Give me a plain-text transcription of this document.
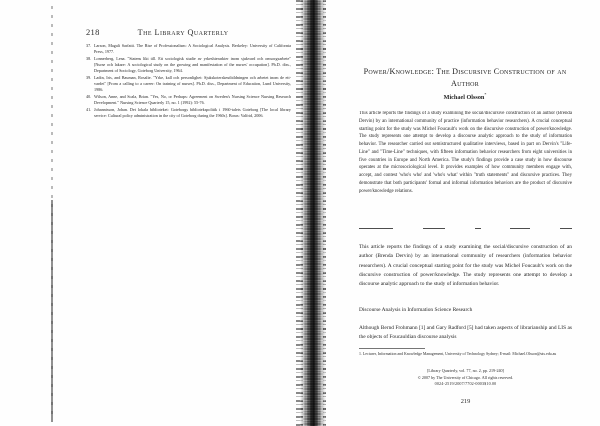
218	The Library Quarterly
37. Larson, Magali Sarfatti. The Rise of Professionalism: A Sociological Analysis. Berkeley: University of California Press, 1977.
38. Lonnerberg, Lena. "Statens likt till. Ett sociologisk studie av yrkeshierarkier inom sjukvard och omsorgsarbete" [Nurse och lakare: A sociological study on the growing and manifestation of the nurses' occupation]. Ph.D. diss., Department of Sociology, Goteborg University, 1964.
39. Ladin, Iris, and Bauman, Rosalie. "Yrke, kall och personlighet: Sjukskoterskeutbildningen och arbetet inom de ett-vardet" [From a calling to a career: On training of nurses]. Ph.D. diss., Department of Education, Lund University, 1986.
40. Wilson, Anne, and Scala, Brian. "Yes, No, or Perhaps: Agreement on Sweden's Nursing Science Nursing Research Development." Nursing Science Quarterly 15, no. 1 (1992): 55-76.
41. Johannisson, Johan. Det lokala biblioteket: Goteborgs bibliotekspolitik i 1960-talets Goteborg [The local library service: Cultural policy administration in the city of Goteborg during the 1960s]. Boras: Valfrid, 2006.
Power/Knowledge: The Discursive Construction of an Author
Michael Olsson*
This article reports the findings of a study examining the social/discursive construction of an author (Brenda Dervin) by an international community of practice (information behavior researchers). A crucial conceptual starting point for the study was Michel Foucault's work on the discursive construction of power/knowledge. The study represents one attempt to develop a discourse analytic approach to the study of information behavior. The researcher carried out semistructured qualitative interviews, based in part on Dervin's "Life-Line" and "Time-Line" techniques, with fifteen information behavior researchers from eight universities in five countries in Europe and North America. The study's findings provide a case study in how discourse operates at the microsociological level. It provides examples of how community members engage with, accept, and contest 'who's who' and 'who's what' within "truth statements" and discursive practices. They demonstrate that both participants' formal and informal information behaviors are the product of discursive power/knowledge relations.
This article reports the findings of a study examining the social/discursive construction of an author (Brenda Dervin) by an international community of researchers (information behavior researchers). A crucial conceptual starting point for the study was Michel Foucault's work on the discursive construction of power/knowledge. The study represents one attempt to develop a discourse analytic approach to the study of information behavior.
Discourse Analysis in Information Science Research
Although Bernd Frohmann [1] and Gary Radford [5] had taken aspects of librarianship and LIS as the objects of Foucauldian discourse analysis
1. Lecturer, Information and Knowledge Management, University of Technology Sydney; E-mail: Michael.Olsson@uts.edu.au
[Library Quarterly, vol. 77, no. 2, pp. 219-240]
© 2007 by The University of Chicago. All rights reserved.
0024-2519/2007/7702-0003$10.00
219
